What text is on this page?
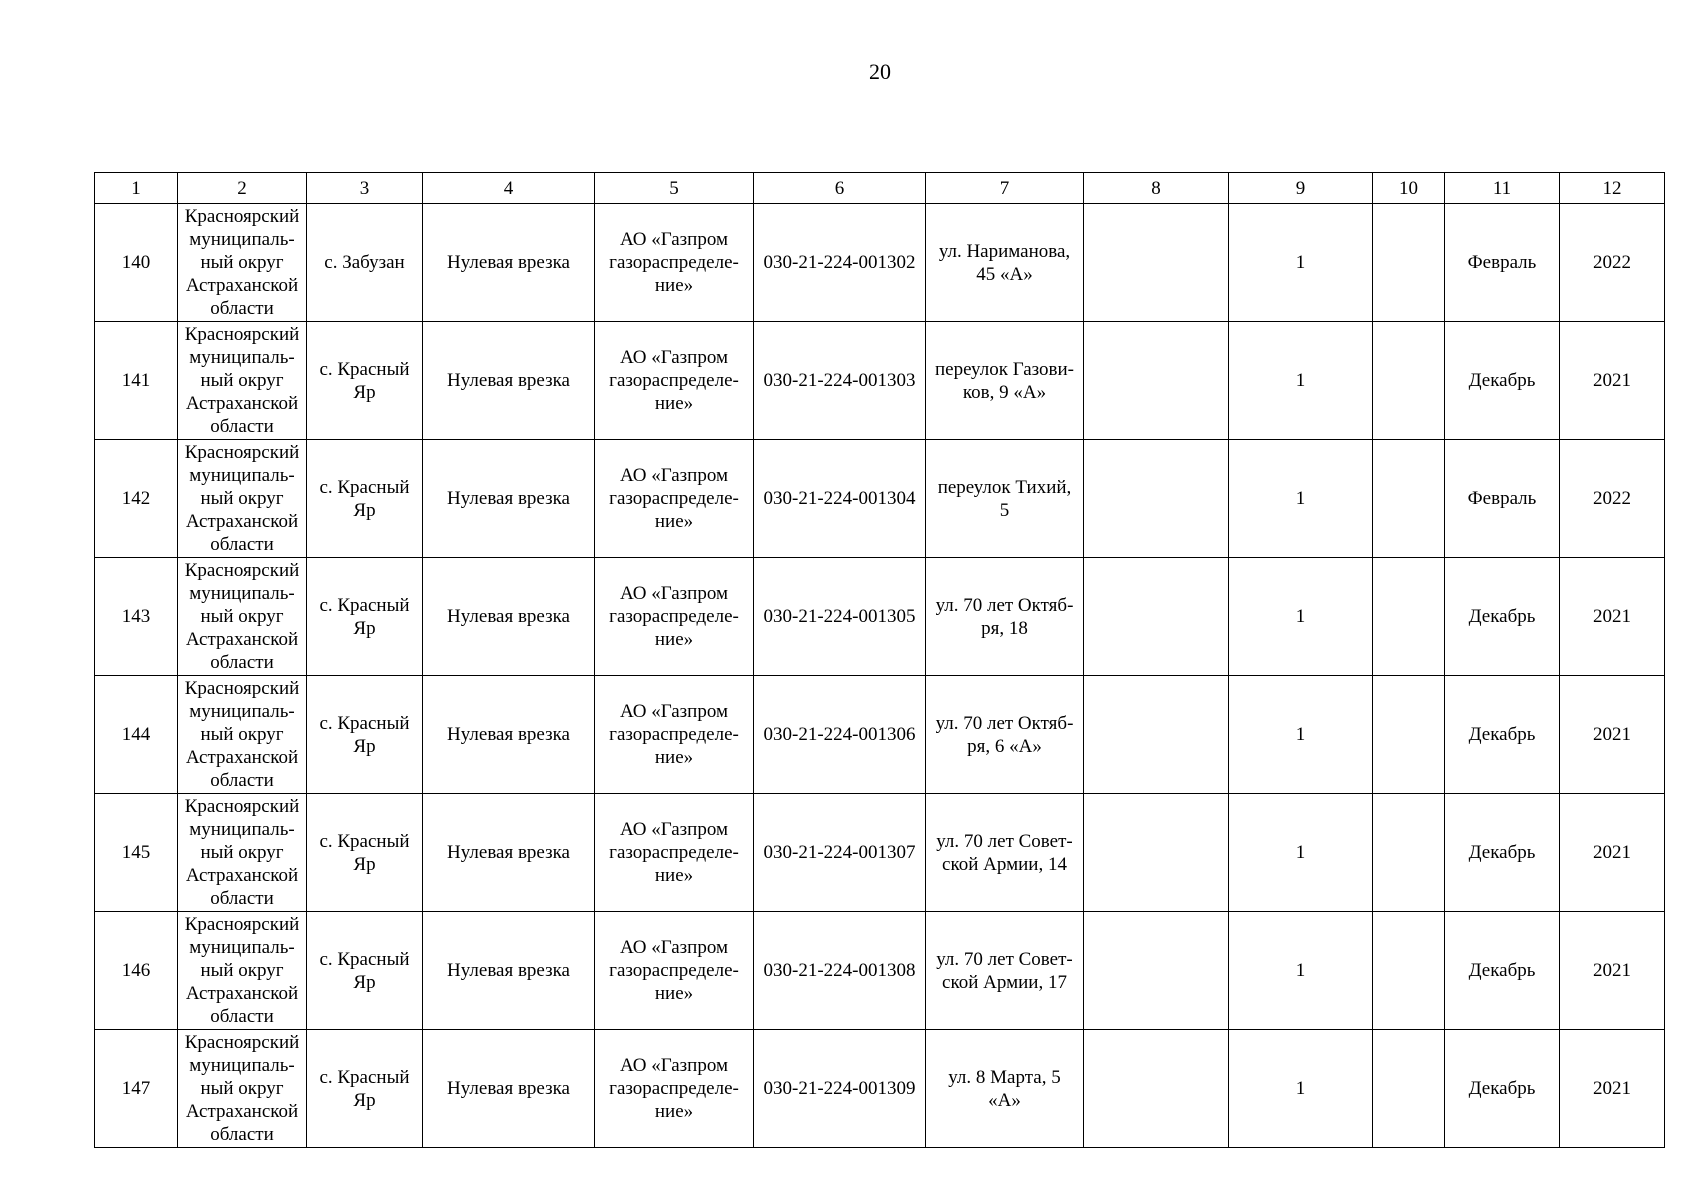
20
1	2	3	4	5	6	7	8	9	10	11	12
140	Красноярский
муниципаль-
ный округ
Астраханской
области	с. Забузан	Нулевая врезка	АО «Газпром
газораспределе-
ние»	030-21-224-001302	ул. Нариманова,
45 «А»		1		Февраль	2022
141	Красноярский
муниципаль-
ный округ
Астраханской
области	с. Красный
Яр	Нулевая врезка	АО «Газпром
газораспределе-
ние»	030-21-224-001303	переулок Газови-
ков, 9 «А»		1		Декабрь	2021
142	Красноярский
муниципаль-
ный округ
Астраханской
области	с. Красный
Яр	Нулевая врезка	АО «Газпром
газораспределе-
ние»	030-21-224-001304	переулок Тихий,
5		1		Февраль	2022
143	Красноярский
муниципаль-
ный округ
Астраханской
области	с. Красный
Яр	Нулевая врезка	АО «Газпром
газораспределе-
ние»	030-21-224-001305	ул. 70 лет Октяб-
ря, 18		1		Декабрь	2021
144	Красноярский
муниципаль-
ный округ
Астраханской
области	с. Красный
Яр	Нулевая врезка	АО «Газпром
газораспределе-
ние»	030-21-224-001306	ул. 70 лет Октяб-
ря, 6 «А»		1		Декабрь	2021
145	Красноярский
муниципаль-
ный округ
Астраханской
области	с. Красный
Яр	Нулевая врезка	АО «Газпром
газораспределе-
ние»	030-21-224-001307	ул. 70 лет Совет-
ской Армии, 14		1		Декабрь	2021
146	Красноярский
муниципаль-
ный округ
Астраханской
области	с. Красный
Яр	Нулевая врезка	АО «Газпром
газораспределе-
ние»	030-21-224-001308	ул. 70 лет Совет-
ской Армии, 17		1		Декабрь	2021
147	Красноярский
муниципаль-
ный округ
Астраханской
области	с. Красный
Яр	Нулевая врезка	АО «Газпром
газораспределе-
ние»	030-21-224-001309	ул. 8 Марта, 5
«А»		1		Декабрь	2021
